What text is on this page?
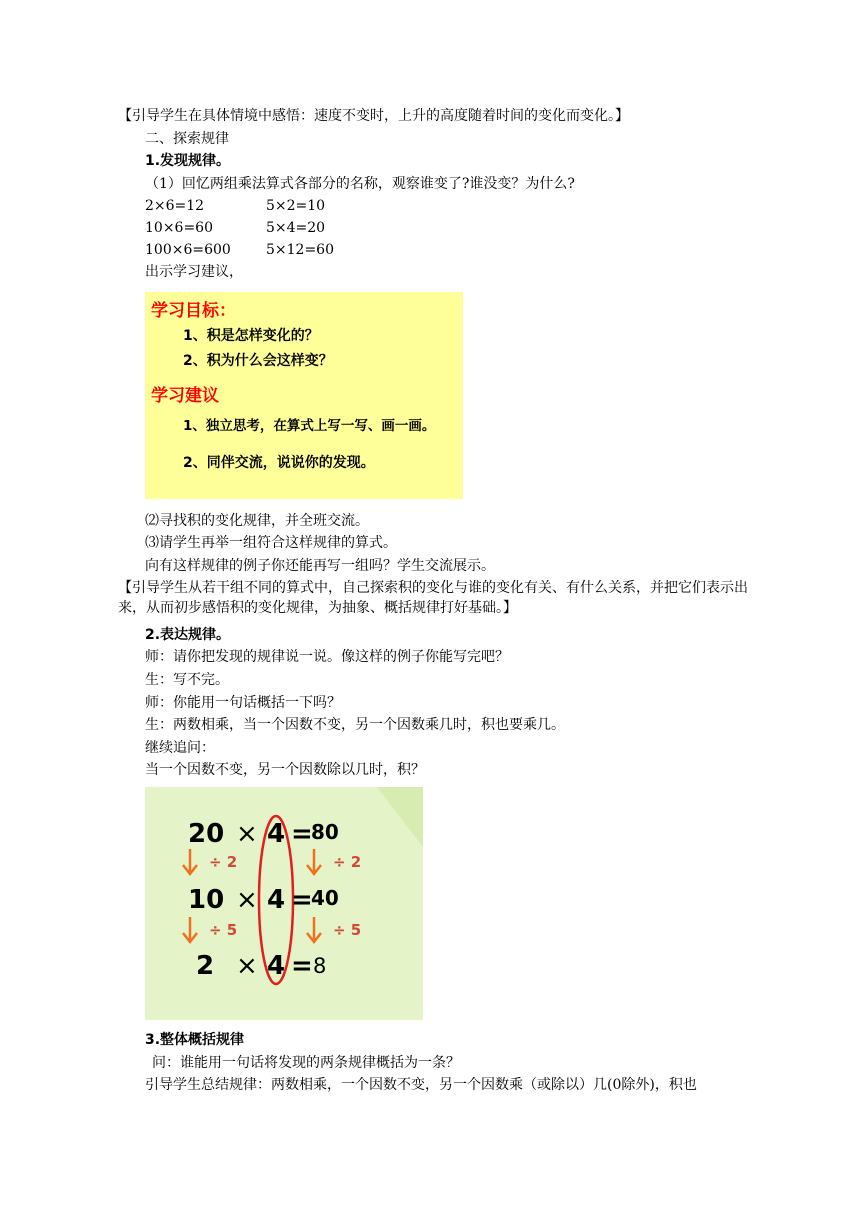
【引导学生在具体情境中感悟：速度不变时，上升的高度随着时间的变化而变化。】
二、探索规律
1.发现规律。
（1）回忆两组乘法算式各部分的名称，观察谁变了?谁没变？为什么?
2×6=12	5×2=10
10×6=60	5×4=20
100×6=600	5×12=60
出示学习建议，
学习目标：
1、积是怎样变化的？
2、积为什么会这样变？
学习建议
1、独立思考，在算式上写一写、画一画。
2、同伴交流，说说你的发现。
⑵寻找积的变化规律，并全班交流。
⑶请学生再举一组符合这样规律的算式。
向有这样规律的例子你还能再写一组吗？学生交流展示。
【引导学生从若干组不同的算式中，自己探索积的变化与谁的变化有关、有什么关系，并把它们表示出来，从而初步感悟积的变化规律，为抽象、概括规律打好基础。】
2.表达规律。
师：请你把发现的规律说一说。像这样的例子你能写完吧？
生：写不完。
师：你能用一句话概括一下吗？
生：两数相乘，当一个因数不变，另一个因数乘几时，积也要乘几。
继续追问：
当一个因数不变，另一个因数除以几时，积？
20 × 4 =
80
÷ 2	÷ 2
10 × 4 =
40
÷ 5	÷ 5
2 × 4 = 8
3.整体概括规律
问：谁能用一句话将发现的两条规律概括为一条？
引导学生总结规律：两数相乘，一个因数不变，另一个因数乘（或除以）几(0除外)，积也
